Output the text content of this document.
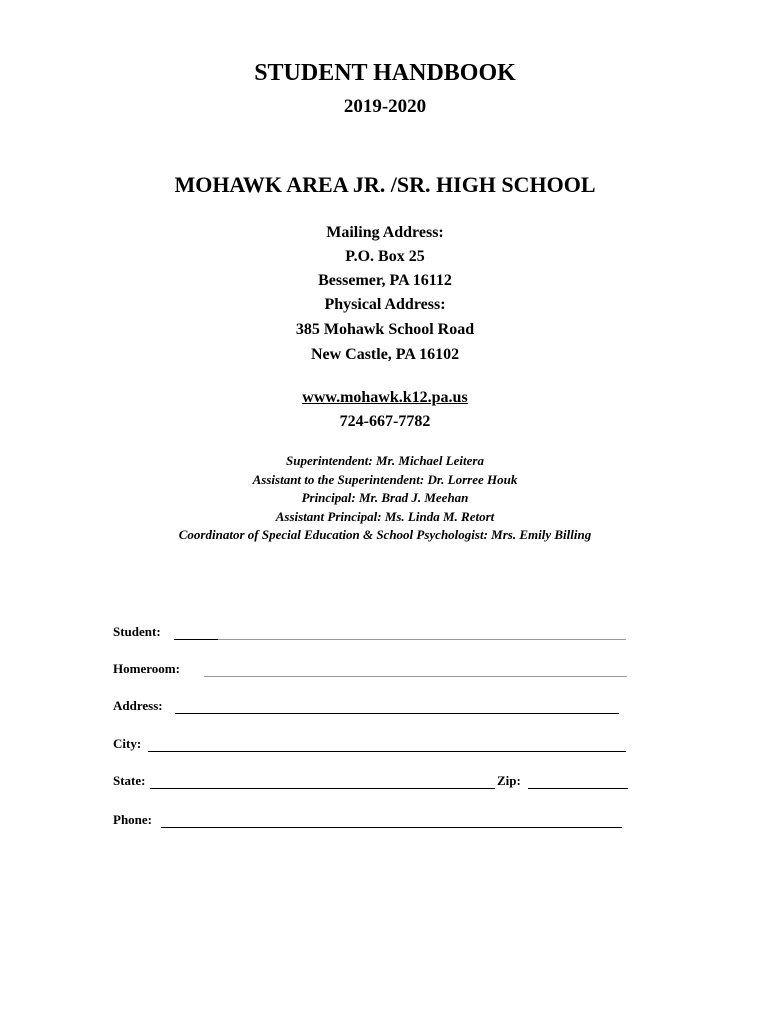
STUDENT HANDBOOK
2019-2020
MOHAWK AREA JR. /SR. HIGH SCHOOL
Mailing Address:
P.O. Box 25
Bessemer, PA 16112
Physical Address:
385 Mohawk School Road
New Castle, PA 16102
www.mohawk.k12.pa.us
724-667-7782
Superintendent: Mr. Michael Leitera
Assistant to the Superintendent: Dr. Lorree Houk
Principal: Mr. Brad J. Meehan
Assistant Principal: Ms. Linda M. Retort
Coordinator of Special Education & School Psychologist: Mrs. Emily Billing
Student:
Homeroom:
Address:
City:
State:	Zip:
Phone:
